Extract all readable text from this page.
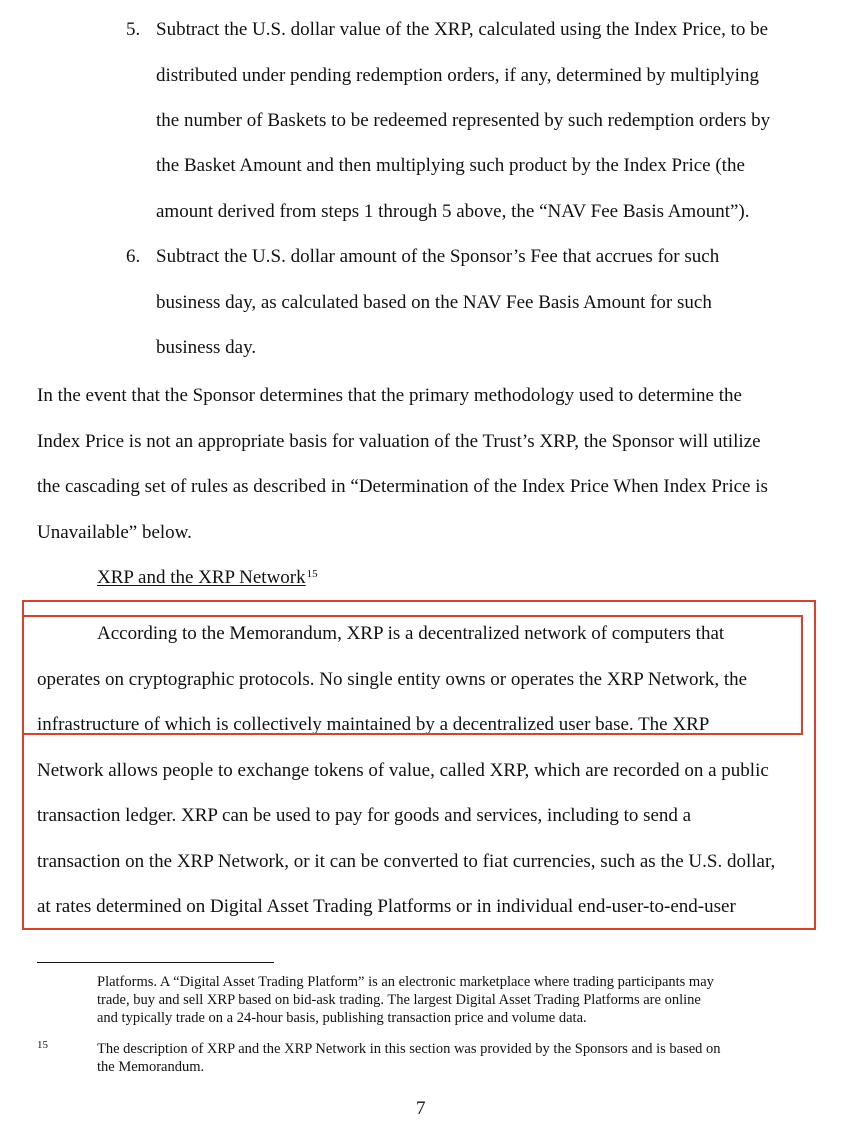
5. Subtract the U.S. dollar value of the XRP, calculated using the Index Price, to be
distributed under pending redemption orders, if any, determined by multiplying
the number of Baskets to be redeemed represented by such redemption orders by
the Basket Amount and then multiplying such product by the Index Price (the
amount derived from steps 1 through 5 above, the “NAV Fee Basis Amount”).
6. Subtract the U.S. dollar amount of the Sponsor’s Fee that accrues for such
business day, as calculated based on the NAV Fee Basis Amount for such
business day.
In the event that the Sponsor determines that the primary methodology used to determine the
Index Price is not an appropriate basis for valuation of the Trust’s XRP, the Sponsor will utilize
the cascading set of rules as described in “Determination of the Index Price When Index Price is
Unavailable” below.
XRP and the XRP Network$^{15}$
According to the Memorandum, XRP is a decentralized network of computers that
operates on cryptographic protocols. No single entity owns or operates the XRP Network, the
infrastructure of which is collectively maintained by a decentralized user base. The XRP
Network allows people to exchange tokens of value, called XRP, which are recorded on a public
transaction ledger. XRP can be used to pay for goods and services, including to send a
transaction on the XRP Network, or it can be converted to fiat currencies, such as the U.S. dollar,
at rates determined on Digital Asset Trading Platforms or in individual end-user-to-end-user
Platforms. A “Digital Asset Trading Platform” is an electronic marketplace where trading participants may
trade, buy and sell XRP based on bid-ask trading. The largest Digital Asset Trading Platforms are online
and typically trade on a 24-hour basis, publishing transaction price and volume data.
15	The description of XRP and the XRP Network in this section was provided by the Sponsors and is based on
the Memorandum.
7
